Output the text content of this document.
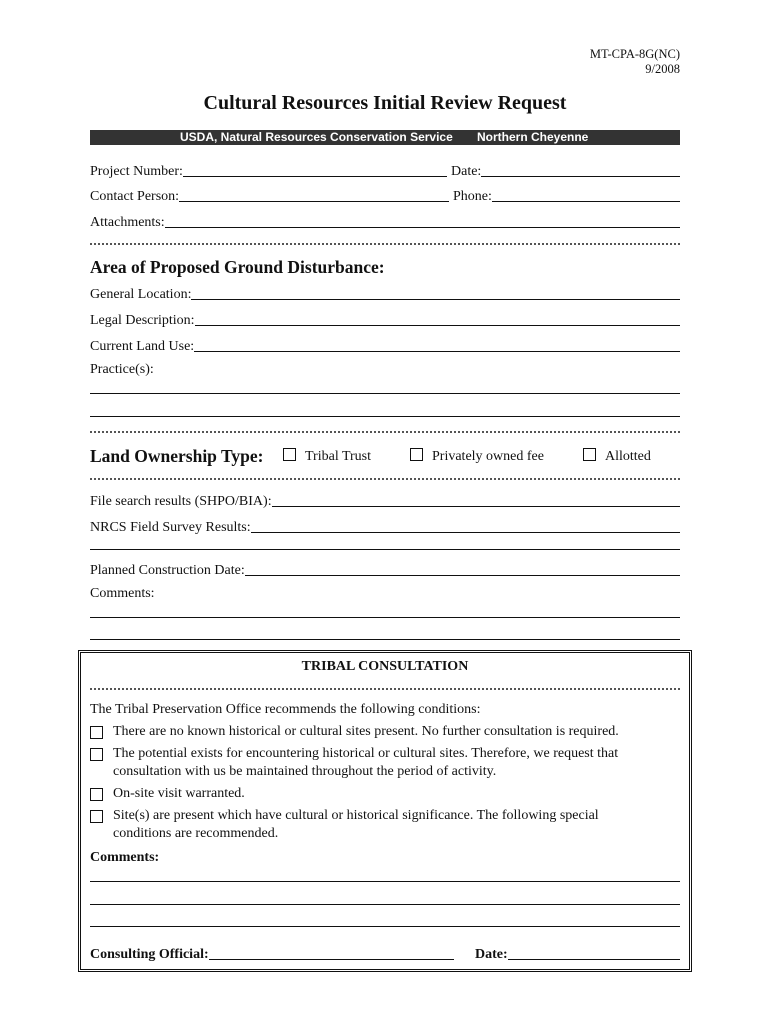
MT-CPA-8G(NC)
9/2008
Cultural Resources Initial Review Request
USDA, Natural Resources Conservation Service Northern Cheyenne
Project Number:	Date:
Contact Person:	Phone:
Attachments:
Area of Proposed Ground Disturbance:
General Location:
Legal Description:
Current Land Use:
Practice(s):
Land Ownership Type:	Tribal Trust	Privately owned fee	Allotted
File search results (SHPO/BIA):
NRCS Field Survey Results:
Planned Construction Date:
Comments:
TRIBAL CONSULTATION
The Tribal Preservation Office recommends the following conditions:
There are no known historical or cultural sites present. No further consultation is required.
The potential exists for encountering historical or cultural sites. Therefore, we request that
consultation with us be maintained throughout the period of activity.
On-site visit warranted.
Site(s) are present which have cultural or historical significance. The following special
conditions are recommended.
Comments:
Consulting Official:	Date:
